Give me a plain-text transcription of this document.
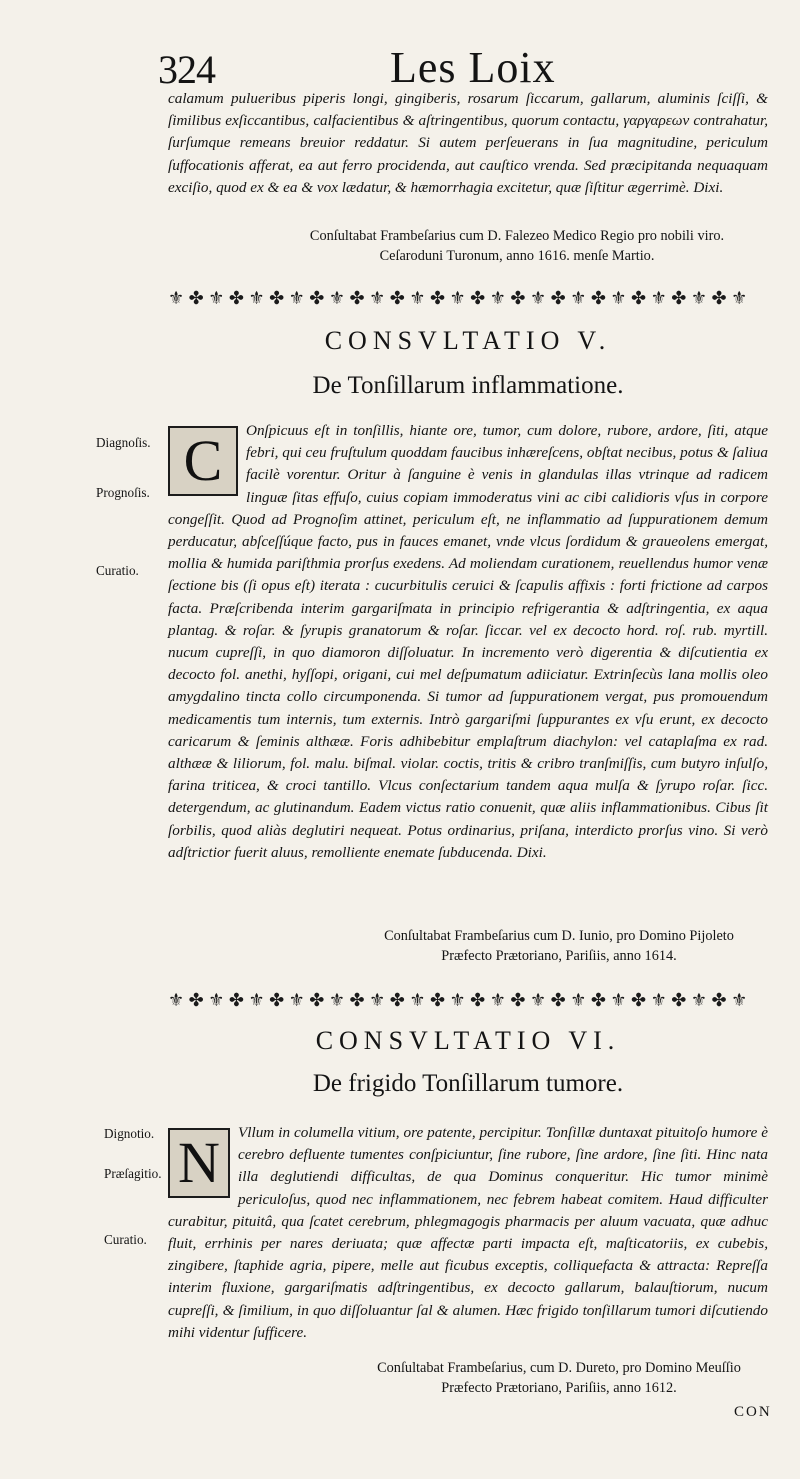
324	Les Loix
calamum pulueribus piperis longi, gingiberis, rosarum ſiccarum, gallarum, aluminis ſciſſi, & ſimilibus exſiccantibus, calfacientibus & aſtringentibus, quorum contactu, γαργαρεων contrahatur, ſurſumque remeans breuior reddatur. Si autem perſeuerans in ſua magnitudine, periculum ſuffocationis afferat, ea aut ferro procidenda, aut cauſtico vrenda. Sed præcipitanda nequaquam exciſio, quod ex & ea & vox lædatur, & hæmorrhagia excitetur, quæ ſiſtitur ægerrimè. Dixi.
Conſultabat Frambeſarius cum D. Falezeo Medico Regio pro nobili viro.
Ceſaroduni Turonum, anno 1616. menſe Martio.
⚜ ✤ ⚜ ✤ ⚜ ✤ ⚜ ✤ ⚜ ✤ ⚜ ✤ ⚜ ✤ ⚜ ✤ ⚜ ✤ ⚜ ✤ ⚜ ✤ ⚜ ✤ ⚜ ✤ ⚜ ✤ ⚜
CONSVLTATIO V.
De Tonſillarum inflammatione.
Diagnoſis.
Prognoſis.
Curatio.
C	Onſpicuus eſt in tonſillis, hiante ore, tumor, cum dolore, rubore, ardore, ſiti, atque febri, qui ceu fruſtulum quoddam faucibus inhæreſcens, obſtat necibus, potus & ſaliua facilè vorentur. Oritur à ſanguine è venis in glandulas illas vtrinque ad radicem linguæ ſitas effuſo, cuius copiam immoderatus vini ac cibi calidioris vſus in corpore congeſſit. Quod ad Prognoſim attinet, periculum eſt, ne inflammatio ad ſuppurationem demum perducatur, abſceſſúque facto, pus in fauces emanet, vnde vlcus ſordidum & graueolens emergat, mollia & humida pariſthmia prorſus exedens. Ad moliendam curationem, reuellendus humor venæ ſectione bis (ſi opus eſt) iterata : cucurbitulis ceruici & ſcapulis affixis : forti frictione ad carpos facta. Præſcribenda interim gargariſmata in principio refrigerantia & adſtringentia, ex aqua plantag. & roſar. & ſyrupis granatorum & roſar. ſiccar. vel ex decocto hord. roſ. rub. myrtill. nucum cupreſſi, in quo diamoron diſſoluatur. In incremento verò digerentia & diſcutientia ex decocto fol. anethi, hyſſopi, origani, cui mel deſpumatum adiiciatur. Extrinſecùs lana mollis oleo amygdalino tincta collo circumponenda. Si tumor ad ſuppurationem vergat, pus promouendum medicamentis tum internis, tum externis. Intrò gargariſmi ſuppurantes ex vſu erunt, ex decocto caricarum & ſeminis althææ. Foris adhibebitur emplaſtrum diachylon: vel cataplaſma ex rad. althææ & liliorum, fol. malu. biſmal. violar. coctis, tritis & cribro tranſmiſſis, cum butyro inſulſo, farina triticea, & croci tantillo. Vlcus conſectarium tandem aqua mulſa & ſyrupo roſar. ſicc. detergendum, ac glutinandum. Eadem victus ratio conuenit, quæ aliis inflammationibus. Cibus ſit ſorbilis, quod aliàs deglutiri nequeat. Potus ordinarius, priſana, interdicto prorſus vino. Si verò adſtrictior fuerit aluus, remolliente enemate ſubducenda. Dixi.
Conſultabat Frambeſarius cum D. Iunio, pro Domino Pijoleto
Præfecto Prætoriano, Pariſiis, anno 1614.
⚜ ✤ ⚜ ✤ ⚜ ✤ ⚜ ✤ ⚜ ✤ ⚜ ✤ ⚜ ✤ ⚜ ✤ ⚜ ✤ ⚜ ✤ ⚜ ✤ ⚜ ✤ ⚜ ✤ ⚜ ✤ ⚜
CONSVLTATIO VI.
De frigido Tonſillarum tumore.
Dignotio.
Præſagitio.
Curatio.
N	Vllum in columella vitium, ore patente, percipitur. Tonſillæ duntaxat pituitoſo humore è cerebro defluente tumentes conſpiciuntur, ſine rubore, ſine ardore, ſine ſiti. Hinc nata illa deglutiendi difficultas, de qua Dominus conqueritur. Hic tumor minimè periculoſus, quod nec inflammationem, nec febrem habeat comitem. Haud difficulter curabitur, pituitâ, qua ſcatet cerebrum, phlegmagogis pharmacis per aluum vacuata, quæ adhuc fluit, errhinis per nares deriuata; quæ affectæ parti impacta eſt, maſticatoriis, ex cubebis, zingibere, ſtaphide agria, pipere, melle aut ficubus exceptis, colliquefacta & attracta: Repreſſa interim fluxione, gargariſmatis adſtringentibus, ex decocto gallarum, balauſtiorum, nucum cupreſſi, & ſimilium, in quo diſſoluantur ſal & alumen. Hæc frigido tonſillarum tumori diſcutiendo mihi videntur ſufficere.
Conſultabat Frambeſarius, cum D. Dureto, pro Domino Meuſſio
Præfecto Prætoriano, Pariſiis, anno 1612.
CON
